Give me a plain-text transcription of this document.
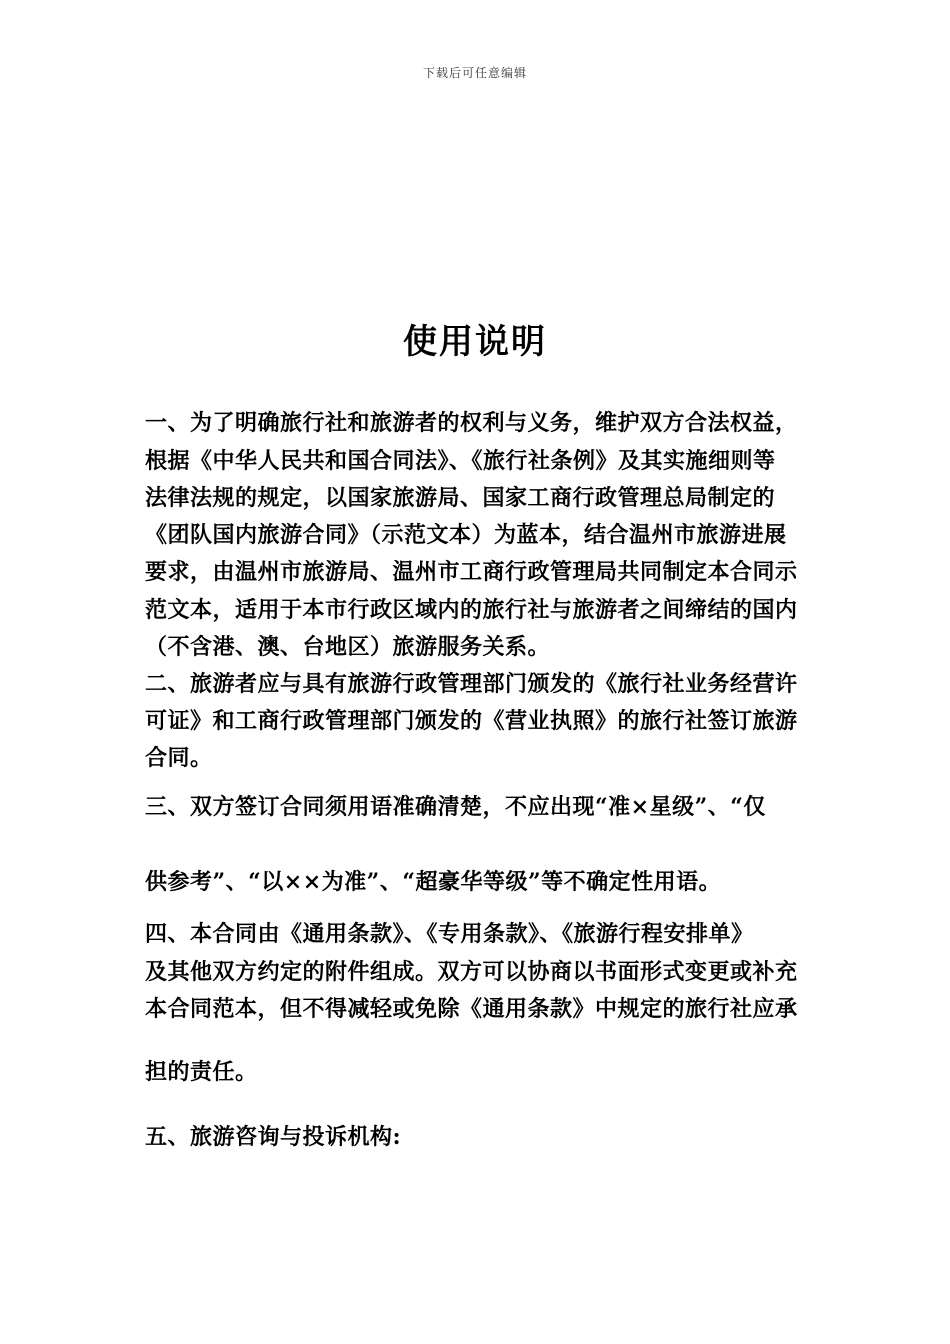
下载后可任意编辑
使用说明
一、为了明确旅行社和旅游者的权利与义务，维护双方合法权益，
根据《中华人民共和国合同法》、《旅行社条例》及其实施细则等
法律法规的规定，以国家旅游局、国家工商行政管理总局制定的
《团队国内旅游合同》（示范文本）为蓝本，结合温州市旅游进展
要求，由温州市旅游局、温州市工商行政管理局共同制定本合同示
范文本，适用于本市行政区域内的旅行社与旅游者之间缔结的国内
（不含港、澳、台地区）旅游服务关系。
二、旅游者应与具有旅游行政管理部门颁发的《旅行社业务经营许
可证》和工商行政管理部门颁发的《营业执照》的旅行社签订旅游
合同。
三、双方签订合同须用语准确清楚，不应出现“准×星级”、“仅
供参考”、“以××为准”、“超豪华等级”等不确定性用语。
四、本合同由《通用条款》、《专用条款》、《旅游行程安排单》
及其他双方约定的附件组成。双方可以协商以书面形式变更或补充
本合同范本，但不得减轻或免除《通用条款》中规定的旅行社应承
担的责任。
五、旅游咨询与投诉机构:
